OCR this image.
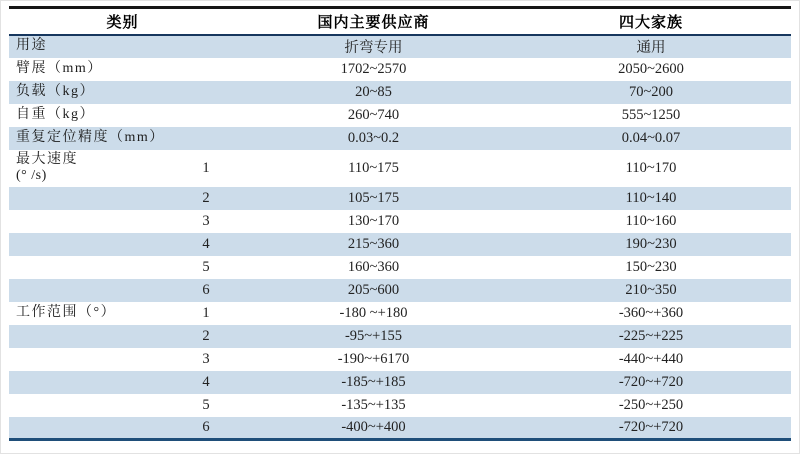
类别		国内主要供应商	四大家族
用途		折弯专用	通用
臂展（mm）		1702~2570	2050~2600
负载（kg）		20~85	70~200
自重（kg）		260~740	555~1250
重复定位精度（mm）		0.03~0.2	0.04~0.07
最大速度
(° /s)	1	110~175	110~170
	2	105~175	110~140
	3	130~170	110~160
	4	215~360	190~230
	5	160~360	150~230
	6	205~600	210~350
工作范围（°）	1	-180 ~+180	-360~+360
	2	-95~+155	-225~+225
	3	-190~+6170	-440~+440
	4	-185~+185	-720~+720
	5	-135~+135	-250~+250
	6	-400~+400	-720~+720
